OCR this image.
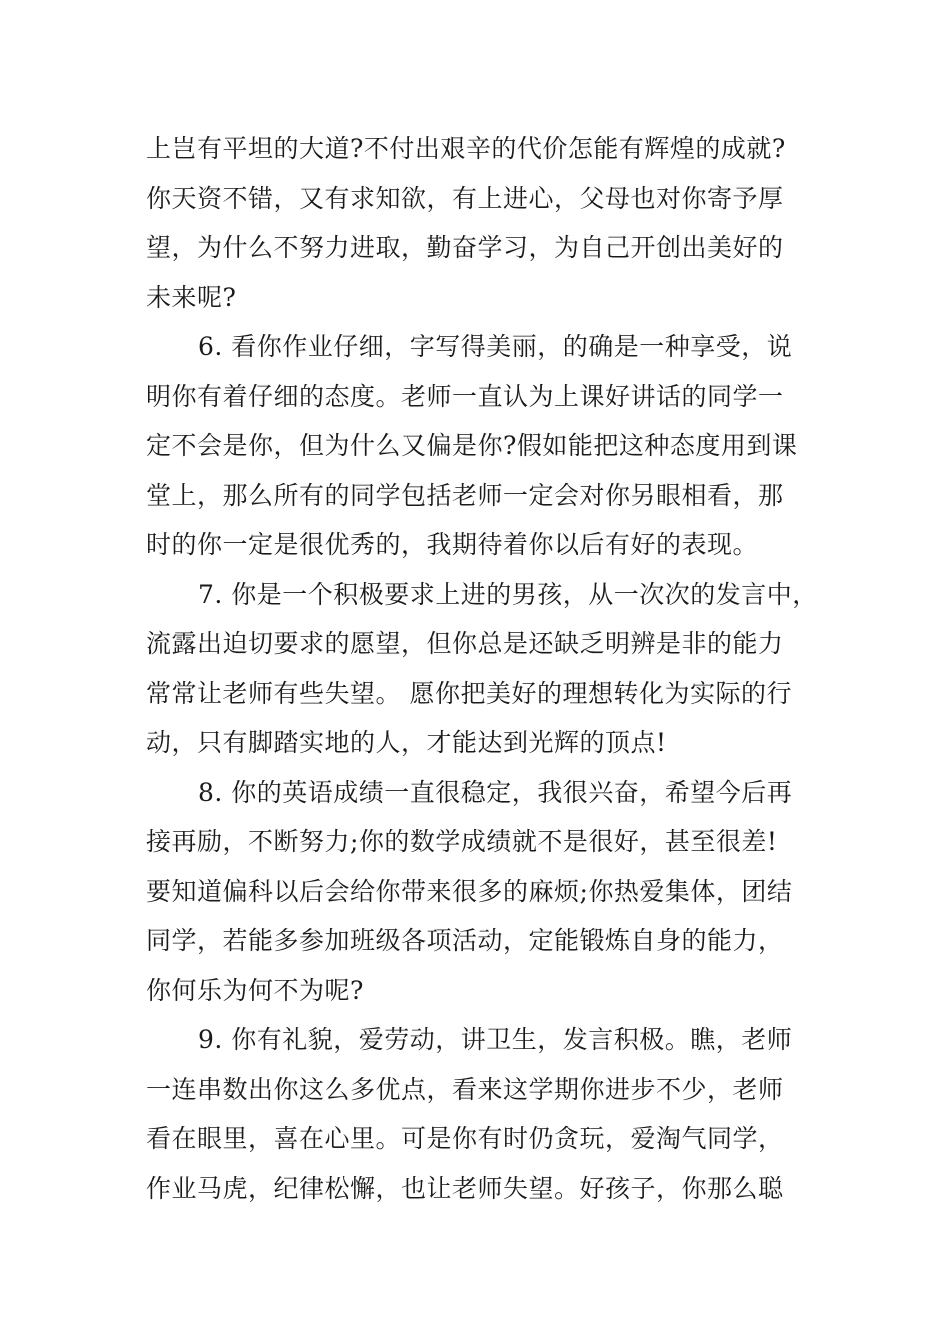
上岂有平坦的大道?不付出艰辛的代价怎能有辉煌的成就?
你天资不错，又有求知欲，有上进心，父母也对你寄予厚
望，为什么不努力进取，勤奋学习，为自己开创出美好的
未来呢?
6. 看你作业仔细，字写得美丽，的确是一种享受，说
明你有着仔细的态度。老师一直认为上课好讲话的同学一
定不会是你，但为什么又偏是你?假如能把这种态度用到课
堂上，那么所有的同学包括老师一定会对你另眼相看，那
时的你一定是很优秀的，我期待着你以后有好的表现。
7. 你是一个积极要求上进的男孩，从一次次的发言中，
流露出迫切要求的愿望，但你总是还缺乏明辨是非的能力
常常让老师有些失望。 愿你把美好的理想转化为实际的行
动，只有脚踏实地的人，才能达到光辉的顶点!
8. 你的英语成绩一直很稳定，我很兴奋，希望今后再
接再励，不断努力;你的数学成绩就不是很好，甚至很差!
要知道偏科以后会给你带来很多的麻烦;你热爱集体，团结
同学，若能多参加班级各项活动，定能锻炼自身的能力，
你何乐为何不为呢?
9. 你有礼貌，爱劳动，讲卫生，发言积极。瞧，老师
一连串数出你这么多优点，看来这学期你进步不少，老师
看在眼里，喜在心里。可是你有时仍贪玩，爱淘气同学，
作业马虎，纪律松懈，也让老师失望。好孩子，你那么聪
